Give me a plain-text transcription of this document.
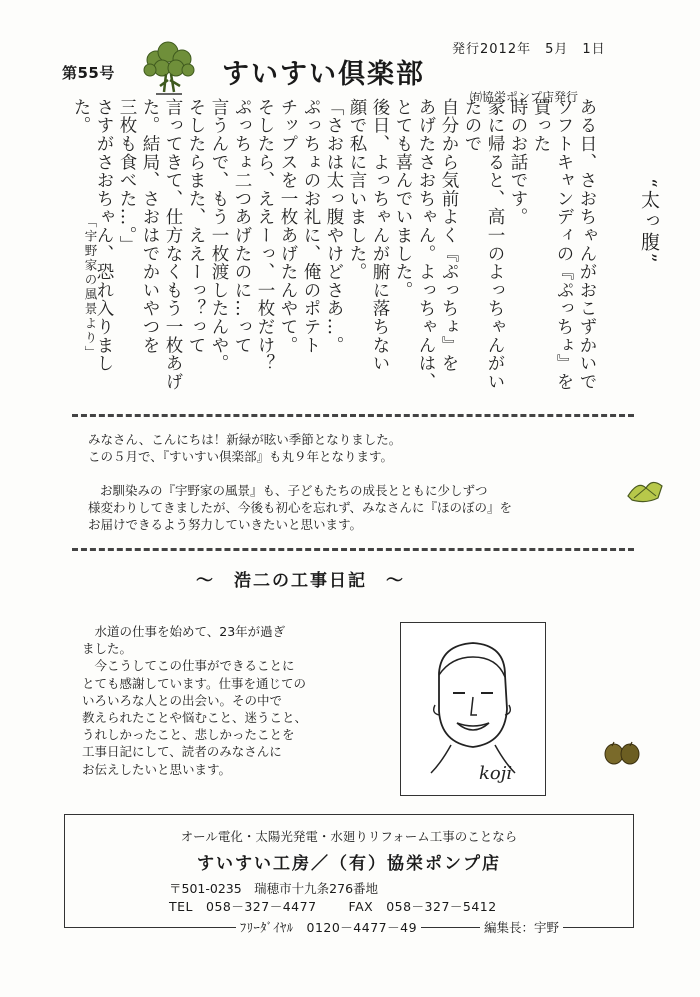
第55号	すいすい倶楽部
発行2012年　5月　1日
㈲協栄ポンプ店発行

ある日、さおちゃんがおこずかいで

ソフトキャンディの『ぷっちょ』を買った

時のお話です。

家に帰ると、高一のよっちゃんがいたので

自分から気前よく『ぷっちょ』を

あげたさおちゃん。よっちゃんは、

とても喜んでいました。

後日、よっちゃんが腑に落ちない

顔で私に言いました。

「さおは太っ腹やけどさあ…。

ぷっちょのお礼に、俺のポテト

チップスを一枚あげたんやて。

そしたら、ええーっ、一枚だけ？

ぷっちょ二つあげたのに…って

言うんで、もう一枚渡したんや。

そしたらまた、ええーっ？って

言ってきて、仕方なくもう一枚あげ

た。結局、さおはでかいやつを

三枚も食べた…。」

さすがさおちゃん、恐れ入りました。

“太っ腹”
「宇野家の風景より」

みなさん、こんにちは！新緑が眩い季節となりました。

この５月で、『すいすい倶楽部』も丸９年となります。

お馴染みの『宇野家の風景』も、子どもたちの成長とともに少しずつ

様変わりしてきましたが、今後も初心を忘れず、みなさんに『ほのぼの』を

お届けできるよう努力していきたいと思います。

～　浩二の工事日記　～

　水道の仕事を始めて、23年が過ぎ

ました。

　今こうしてこの仕事ができることに

とても感謝しています。仕事を通じての

いろいろな人との出会い。その中で

教えられたことや悩むこと、迷うこと、

うれしかったこと、悲しかったことを

工事日記にして、読者のみなさんに

お伝えしたいと思います。	koji
オール電化・太陽光発電・水廻りリフォーム工事のことなら
すいすい工房／（有）協栄ポンプ店
〒501-0235　瑞穂市十九条276番地
TEL　058－327－4477	FAX　058－327－5412
ﾌﾘｰﾀﾞｲﾔﾙ　0120－4477－49	編集長：宇野
